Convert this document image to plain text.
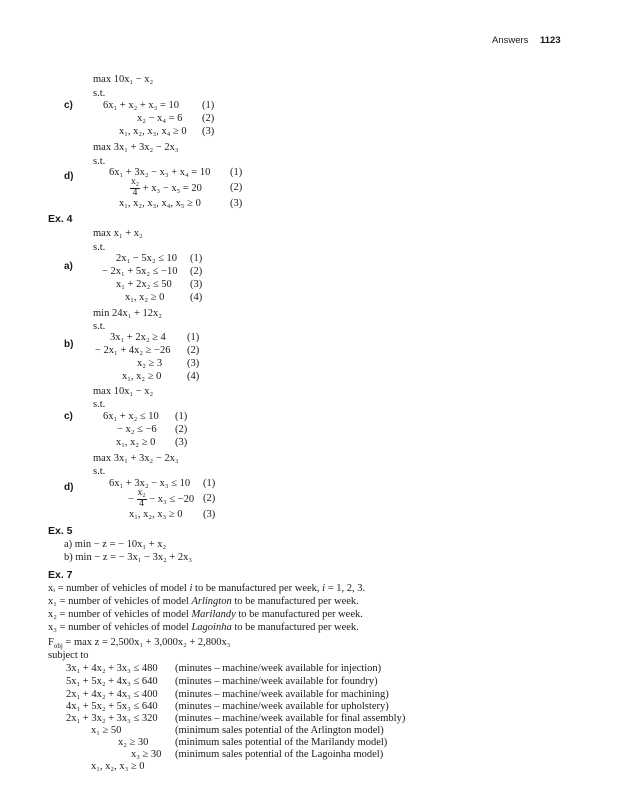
Answers 1123
max 10x₁ − x₂
s.t.
c)	6x₁ + x₂ + x₃ = 10 (1)
x₂ − x₄ = 6 (2)
x₁, x₂, x₃, x₄ ≥ 0 (3)
max 3x₁ + 3x₂ − 2x₃
s.t.
d)	6x₁ + 3x₂ − x₃ + x₄ = 10 (1)
$\frac{\text{x₂}}{4} + x_3 - x_5 = 20$	(2)
x₁, x₂, x₃, x₄, x₅ ≥ 0	(3)
Ex. 4
max x₁ + x₂
s.t.
a)
2x₁ − 5x₂ ≤ 10 (1)
− 2x₁ + 5x₂ ≤ −10 (2)
x₁ + 2x₂ ≤ 50 (3)
x₁, x₂ ≥ 0 (4)
min 24x₁ + 12x₂
s.t.
b)
3x₁ + 2x₂ ≥ 4 (1)
− 2x₁ + 4x₂ ≥ −26 (2)
x₂ ≥ 3 (3)
x₁, x₂ ≥ 0 (4)
max 10x₁ − x₂
s.t.
c)	6x₁ + x₂ ≤ 10 (1)
− x₂ ≤ −6 (2)
x₁, x₂ ≥ 0 (3)
max 3x₁ + 3x₂ − 2x₃
s.t.
d)	6x₁ + 3x₂ − x₃ ≤ 10 (1)
− $\frac{\text{x₂}}{4} - x_3 \le -20$ (2)
x₁, x₂, x₃ ≥ 0 (3)
Ex. 5
a) min − z = − 10x₁ + x₂
b) min − z = − 3x₁ − 3x₂ + 2x₃
Ex. 7
xᵢ = number of vehicles of model i to be manufactured per week, i = 1, 2, 3.
x₁ = number of vehicles of model Arlington to be manufactured per week.
x₂ = number of vehicles of model Marilandy to be manufactured per week.
x₃ = number of vehicles of model Lagoinha to be manufactured per week.
$F_{obj} = \max z = 2,500x_1 + 3,000x_2 + 2,800x_3$
subject to
3x₁ + 4x₂ + 3x₃ ≤ 480 (minutes – machine/week available for injection)
5x₁ + 5x₂ + 4x₃ ≤ 640 (minutes – machine/week available for foundry)
2x₁ + 4x₂ + 4x₃ ≤ 400 (minutes – machine/week available for machining)
4x₁ + 5x₂ + 5x₃ ≤ 640 (minutes – machine/week available for upholstery)
2x₁ + 3x₂ + 3x₃ ≤ 320 (minutes – machine/week available for final assembly)
x₁ ≥ 50	(minimum sales potential of the Arlington model)
x₂ ≥ 30	(minimum sales potential of the Marilandy model)
x₃ ≥ 30 (minimum sales potential of the Lagoinha model)
x₁, x₂, x₃ ≥ 0
